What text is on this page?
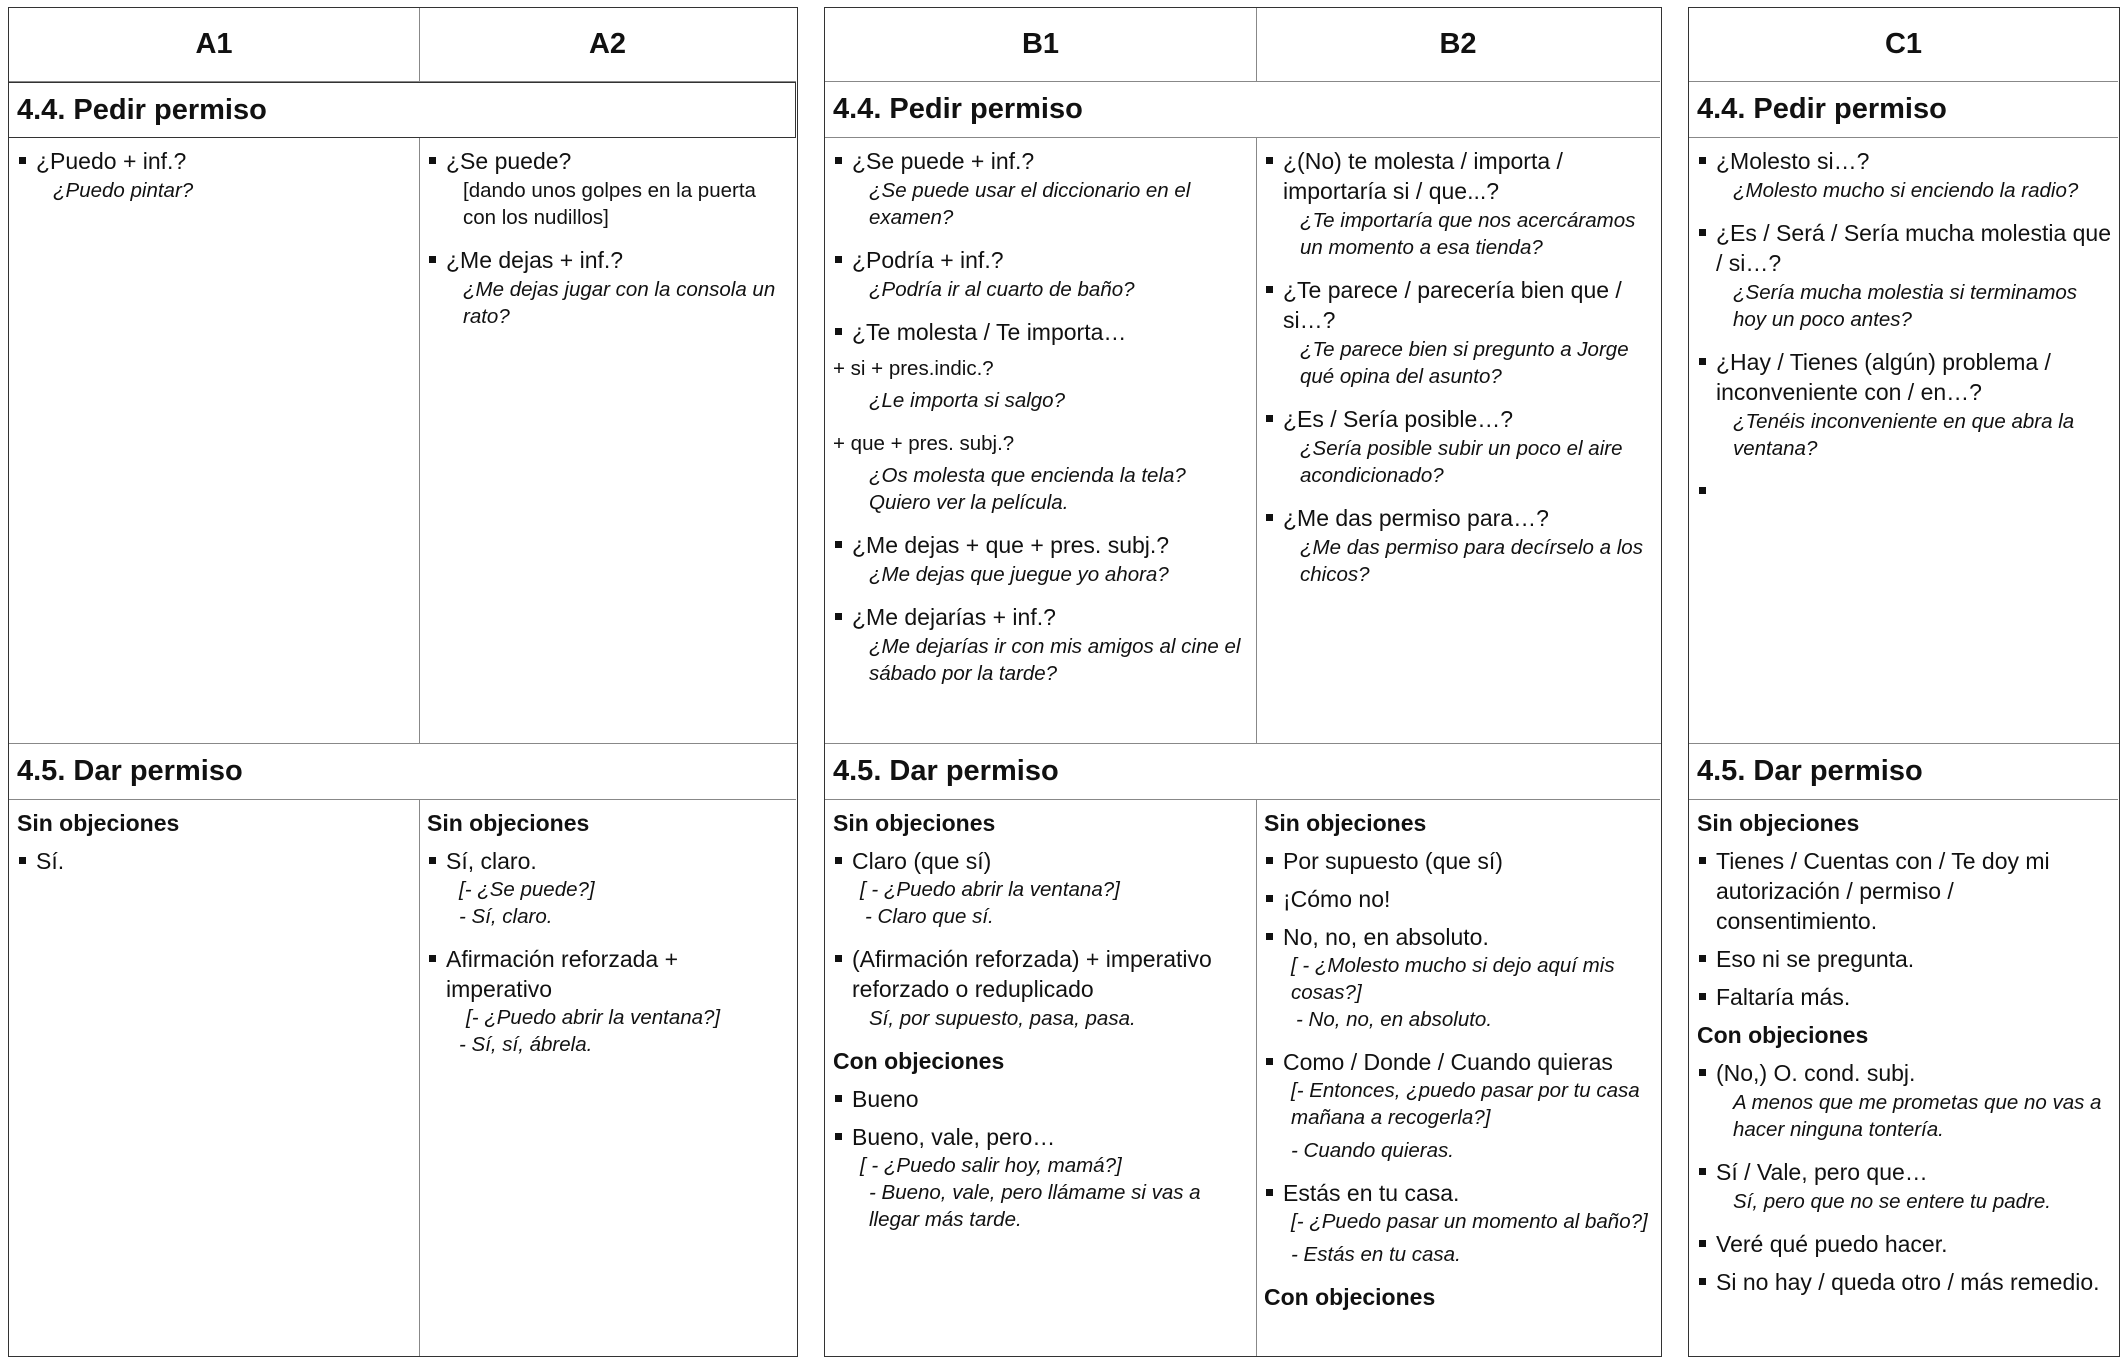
A1	A2
4.4. Pedir permiso
¿Puedo + inf.?
¿Puedo pintar?
¿Se puede?
[dando unos golpes en la puerta con los nudillos]
¿Me dejas + inf.?
¿Me dejas jugar con la consola un rato?
4.5. Dar permiso
Sin objeciones
Sí.
Sin objeciones
Sí, claro.
[- ¿Se puede?]
- Sí, claro.
Afirmación reforzada + imperativo
[- ¿Puedo abrir la ventana?]
- Sí, sí, ábrela.
B1	B2
4.4. Pedir permiso
¿Se puede + inf.?
¿Se puede usar el diccionario en el examen?
¿Podría + inf.?
¿Podría ir al cuarto de baño?
¿Te molesta / Te importa…
+ si + pres.indic.?
¿Le importa si salgo?
+ que + pres. subj.?
¿Os molesta que encienda la tela? Quiero ver la película.
¿Me dejas + que + pres. subj.?
¿Me dejas que juegue yo ahora?
¿Me dejarías + inf.?
¿Me dejarías ir con mis amigos al cine el sábado por la tarde?
¿(No) te molesta / importa / importaría si / que...?
¿Te importaría que nos acercáramos un momento a esa tienda?
¿Te parece / parecería bien que / si…?
¿Te parece bien si pregunto a Jorge qué opina del asunto?
¿Es / Sería posible…?
¿Sería posible subir un poco el aire acondicionado?
¿Me das permiso para…?
¿Me das permiso para decírselo a los chicos?
4.5. Dar permiso
Sin objeciones
Claro (que sí)
[ - ¿Puedo abrir la ventana?]
- Claro que sí.
(Afirmación reforzada) + imperativo reforzado o reduplicado
Sí, por supuesto, pasa, pasa.
Con objeciones
Bueno
Bueno, vale, pero…
[ - ¿Puedo salir hoy, mamá?]
- Bueno, vale, pero llámame si vas a llegar más tarde.
Sin objeciones
Por supuesto (que sí)
¡Cómo no!
No, no, en absoluto.
[ - ¿Molesto mucho si dejo aquí mis cosas?]
- No, no, en absoluto.
Como / Donde / Cuando quieras
[- Entonces, ¿puedo pasar por tu casa mañana a recogerla?]
- Cuando quieras.
Estás en tu casa.
[- ¿Puedo pasar un momento al baño?]
- Estás en tu casa.
Con objeciones
C1
4.4. Pedir permiso
¿Molesto si…?
¿Molesto mucho si enciendo la radio?
¿Es / Será / Sería mucha molestia que / si…?
¿Sería mucha molestia si terminamos hoy un poco antes?
¿Hay / Tienes (algún) problema / inconveniente con / en…?
¿Tenéis inconveniente en que abra la ventana?

4.5. Dar permiso
Sin objeciones
Tienes / Cuentas con / Te doy mi autorización / permiso / consentimiento.
Eso ni se pregunta.
Faltaría más.
Con objeciones
(No,) O. cond. subj.
A menos que me prometas que no vas a hacer ninguna tontería.
Sí / Vale, pero que…
Sí, pero que no se entere tu padre.
Veré qué puedo hacer.
Si no hay / queda otro / más remedio.
